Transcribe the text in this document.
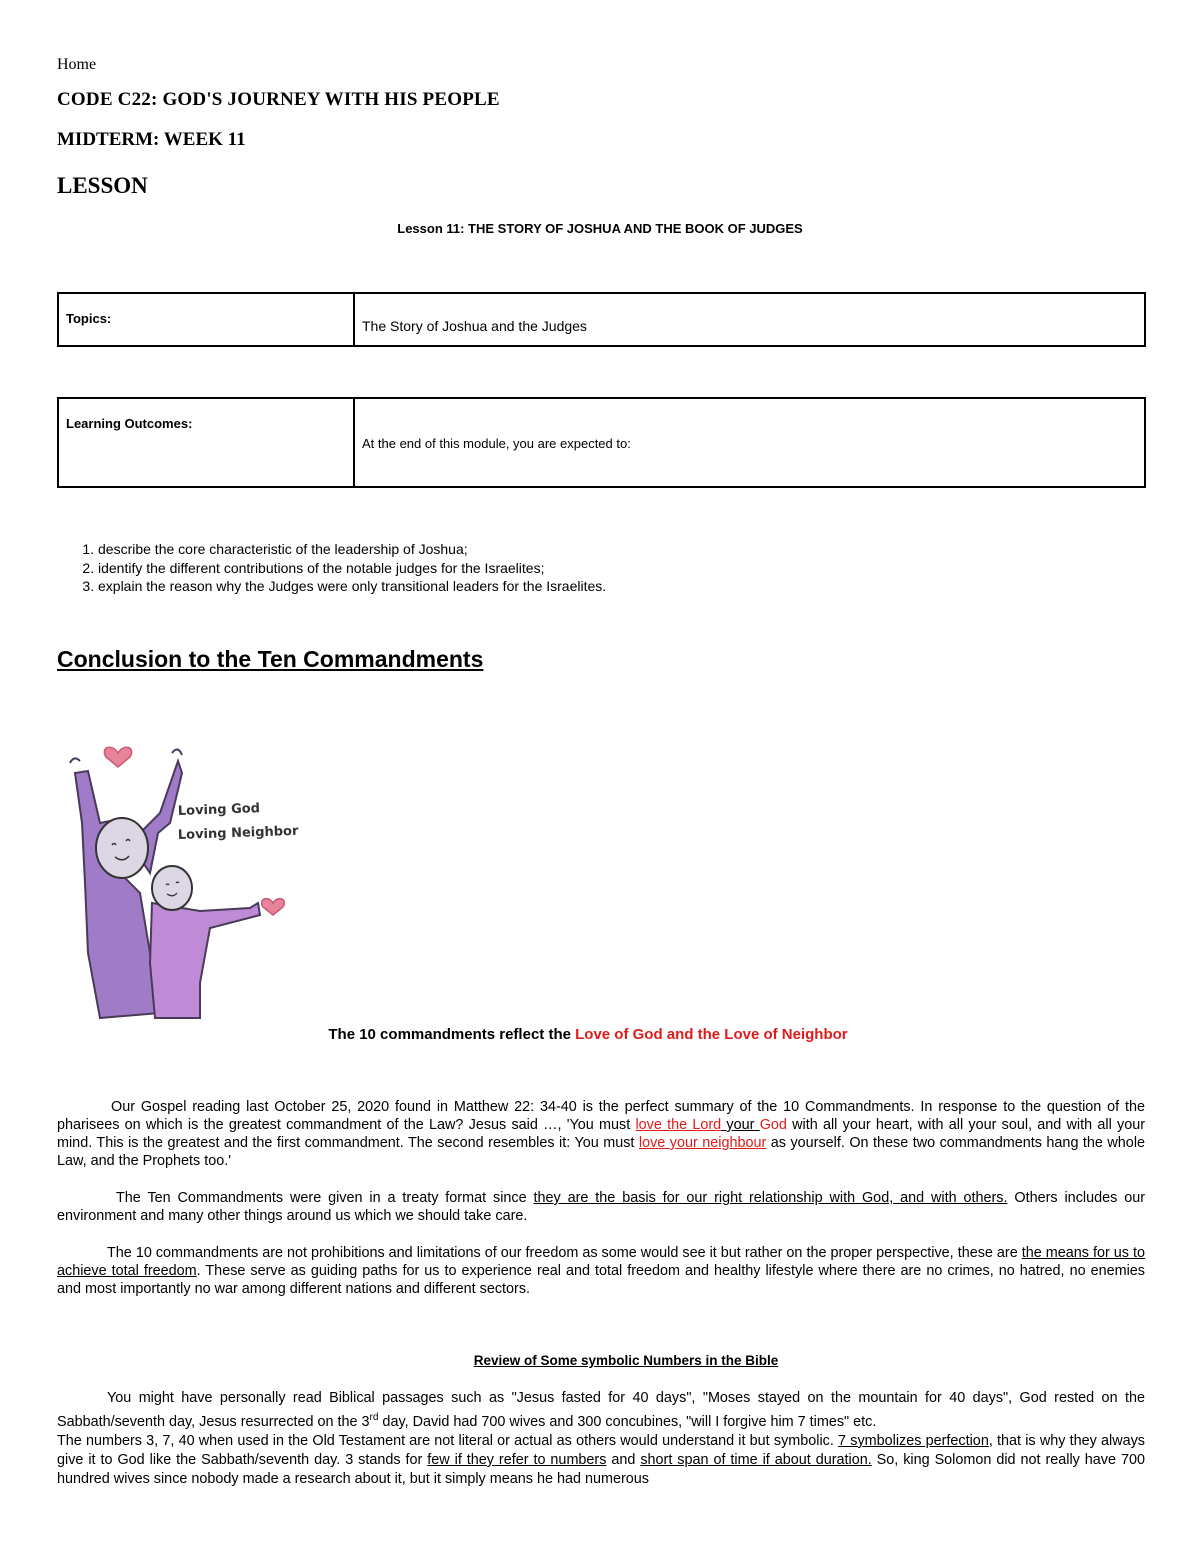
Home
CODE C22: GOD'S JOURNEY WITH HIS PEOPLE
MIDTERM: WEEK 11
LESSON
Lesson 11: THE STORY OF JOSHUA AND THE BOOK OF JUDGES
Topics:	The Story of Joshua and the Judges
Learning Outcomes:	At the end of this module, you are expected to:
1. describe the core characteristic of the leadership of Joshua;
2. identify the different contributions of the notable judges for the Israelites;
3. explain the reason why the Judges were only transitional leaders for the Israelites.
Conclusion to the Ten Commandments
Loving God
Loving Neighbor
The 10 commandments reflect the Love of God and the Love of Neighbor
Our Gospel reading last October 25, 2020 found in Matthew 22: 34-40 is the perfect summary of the 10 Commandments. In response to the question of the pharisees on which is the greatest commandment of the Law? Jesus said …, 'You must love the Lord your God with all your heart, with all your soul, and with all your mind. This is the greatest and the first commandment. The second resembles it: You must love your neighbour as yourself. On these two commandments hang the whole Law, and the Prophets too.'
The Ten Commandments were given in a treaty format since they are the basis for our right relationship with God, and with others. Others includes our environment and many other things around us which we should take care.
The 10 commandments are not prohibitions and limitations of our freedom as some would see it but rather on the proper perspective, these are the means for us to achieve total freedom. These serve as guiding paths for us to experience real and total freedom and healthy lifestyle where there are no crimes, no hatred, no enemies and most importantly no war among different nations and different sectors.
Review of Some symbolic Numbers in the Bible
You might have personally read Biblical passages such as "Jesus fasted for 40 days", "Moses stayed on the mountain for 40 days", God rested on the Sabbath/seventh day, Jesus resurrected on the 3rd day, David had 700 wives and 300 concubines, "will I forgive him 7 times" etc.
The numbers 3, 7, 40 when used in the Old Testament are not literal or actual as others would understand it but symbolic. 7 symbolizes perfection, that is why they always give it to God like the Sabbath/seventh day. 3 stands for few if they refer to numbers and short span of time if about duration. So, king Solomon did not really have 700 hundred wives since nobody made a research about it, but it simply means he had numerous
